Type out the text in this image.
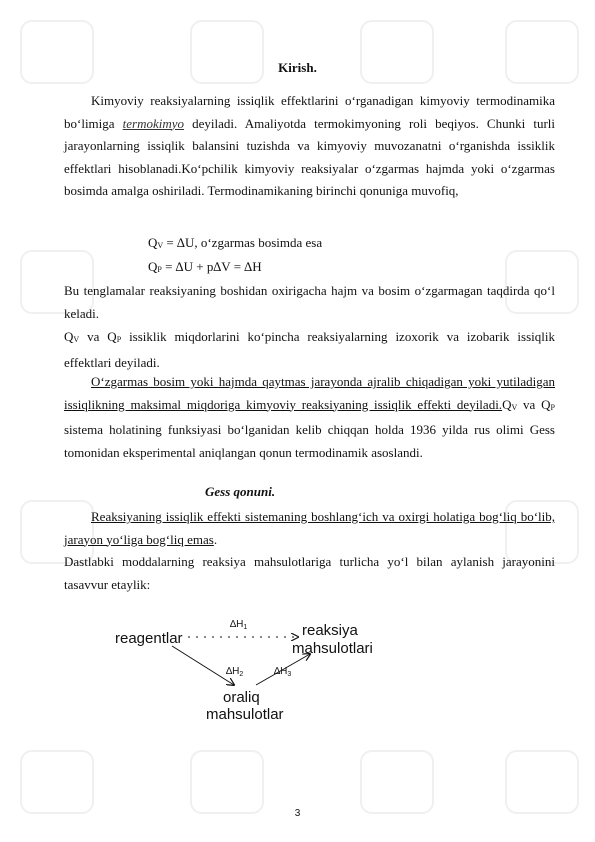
Kirish.
Kimyoviy reaksiyalarning issiqlik effektlarini oʻrganadigan kimyoviy termodinamika boʻlimiga termokimyo deyiladi. Amaliyotda termokimyoning roli beqiyos. Chunki turli jarayonlarning issiqlik balansini tuzishda va kimyoviy muvozanatni oʻrganishda issiklik effektlari hisoblanadi.Koʻpchilik kimyoviy reaksiyalar oʻzgarmas hajmda yoki oʻzgarmas bosimda amalga oshiriladi. Termodinamikaning birinchi qonuniga muvofiq,
$Q_V = \Delta U$, oʻzgarmas bosimda esa
$Q_P = \Delta U + p\Delta V = \Delta H$
Bu tenglamalar reaksiyaning boshidan oxirigacha hajm va bosim oʻzgarmagan taqdirda qoʻl keladi.
$Q_V$ va $Q_P$ issiklik miqdorlarini koʻpincha reaksiyalarning izoxorik va izobarik issiqlik effektlari deyiladi.
Oʻzgarmas bosim yoki hajmda qaytmas jarayonda ajralib chiqadigan yoki yutiladigan issiqlikning maksimal miqdoriga kimyoviy reaksiyaning issiqlik effekti $deyiladi.Q_V$ va $Q_P$ sistema holatining funksiyasi boʻlganidan kelib chiqqan holda 1936 yilda rus olimi Gess tomonidan eksperimental aniqlangan qonun termodinamik asoslandi.
Gess qonuni.
Reaksiyaning issiqlik effekti sistemaning boshlangʻich va oxirgi holatiga bogʻliq boʻlib, jarayon yoʻliga bogʻliq emas.
Dastlabki moddalarning reaksiya mahsulotlariga turlicha yoʻl bilan aylanish jarayonini tasavvur etaylik:
reagentlar	reaksiya
mahsulotlari
oraliq
mahsulotlar
$\Delta H_1$
$\Delta H_2$	$\Delta H_3$
3
